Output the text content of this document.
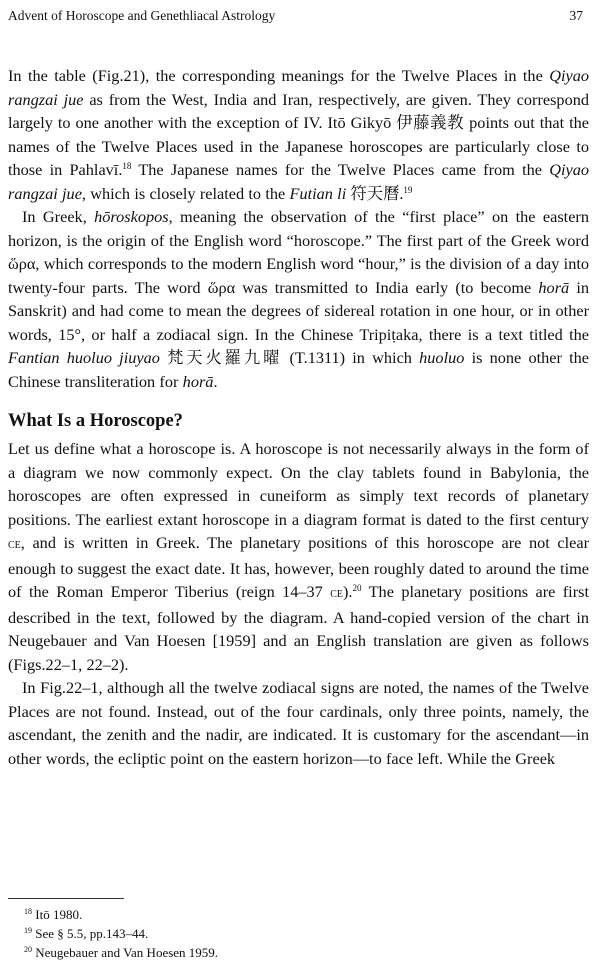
Advent of Horoscope and Genethliacal Astrology	37

In the table (Fig.21), the corresponding meanings for the Twelve Places in the Qiyao rangzai jue as from the West, India and Iran, respectively, are given. They correspond largely to one another with the exception of IV. Itō Gikyō 伊藤義教 points out that the names of the Twelve Places used in the Japanese horoscopes are particularly close to those in Pahlavī.$^{18}$ The Japanese names for the Twelve Places came from the Qiyao rangzai jue, which is closely related to the Futian li 符天曆.$^{19}$

In Greek, hōroskopos, meaning the observation of the “first place” on the eastern horizon, is the origin of the English word “horoscope.” The first part of the Greek word ὥρα, which corresponds to the modern English word “hour,” is the division of a day into twenty-four parts. The word ὥρα was transmitted to India early (to become horā in Sanskrit) and had come to mean the degrees of sidereal rotation in one hour, or in other words, 15°, or half a zodiacal sign. In the Chinese Tripiṭaka, there is a text titled the Fantian huoluo jiuyao 梵天火羅九曜 (T.1311) in which huoluo is none other the Chinese transliteration for horā.

What Is a Horoscope?

Let us define what a horoscope is. A horoscope is not necessarily always in the form of a diagram we now commonly expect. On the clay tablets found in Babylonia, the horoscopes are often expressed in cuneiform as simply text records of planetary positions. The earliest extant horoscope in a diagram format is dated to the first century ce, and is written in Greek. The planetary positions of this horoscope are not clear enough to suggest the exact date. It has, however, been roughly dated to around the time of the Roman Emperor Tiberius (reign 14–37 ce).$^{20}$ The planetary positions are first described in the text, followed by the diagram. A hand-copied version of the chart in Neugebauer and Van Hoesen [1959] and an English translation are given as follows (Figs.22–1, 22–2).

In Fig.22–1, although all the twelve zodiacal signs are noted, the names of the Twelve Places are not found. Instead, out of the four cardinals, only three points, namely, the ascendant, the zenith and the nadir, are indicated. It is customary for the ascendant—in other words, the ecliptic point on the eastern horizon—to face left. While the Greek

$^{18}$ Itō 1980.
$^{19}$ See § 5.5, pp.143–44.
$^{20}$ Neugebauer and Van Hoesen 1959.
